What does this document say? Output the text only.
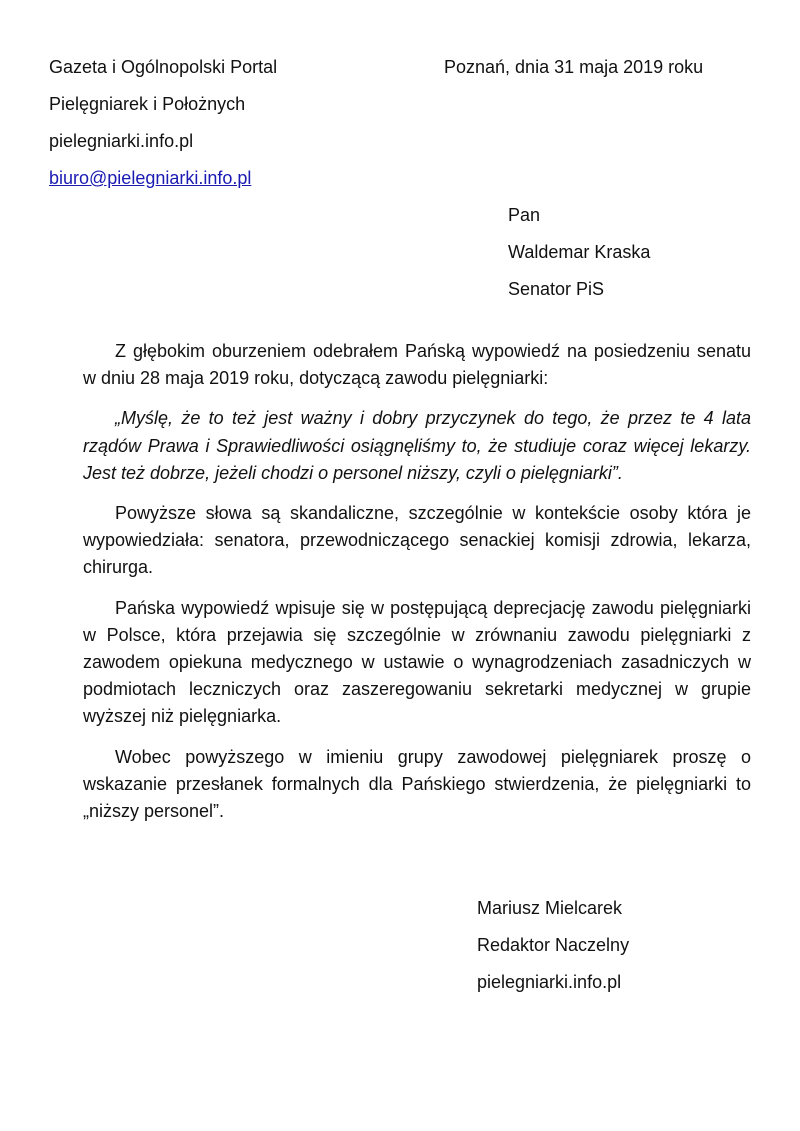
Gazeta i Ogólnopolski Portal
Pielęgniarek i Położnych
pielegniarki.info.pl
biuro@pielegniarki.info.pl
Poznań, dnia 31 maja 2019 roku
Pan
Waldemar Kraska
Senator PiS

Z głębokim oburzeniem odebrałem Pańską wypowiedź na posiedzeniu senatu w dniu 28 maja 2019 roku, dotyczącą zawodu pielęgniarki:

„Myślę, że to też jest ważny i dobry przyczynek do tego, że przez te 4 lata rządów Prawa i Sprawiedliwości osiągnęliśmy to, że studiuje coraz więcej lekarzy. Jest też dobrze, jeżeli chodzi o personel niższy, czyli o pielęgniarki”.

Powyższe słowa są skandaliczne, szczególnie w kontekście osoby która je wypowiedziała: senatora, przewodniczącego senackiej komisji zdrowia, lekarza, chirurga.

Pańska wypowiedź wpisuje się w postępującą deprecjację zawodu pielęgniarki w Polsce, która przejawia się szczególnie w zrównaniu zawodu pielęgniarki z zawodem opiekuna medycznego w ustawie o wynagrodzeniach zasadniczych w podmiotach leczniczych oraz zaszeregowaniu sekretarki medycznej w grupie wyższej niż pielęgniarka.

Wobec powyższego w imieniu grupy zawodowej pielęgniarek proszę o wskazanie przesłanek formalnych dla Pańskiego stwierdzenia, że pielęgniarki to „niższy personel”.

Mariusz Mielcarek
Redaktor Naczelny
pielegniarki.info.pl
